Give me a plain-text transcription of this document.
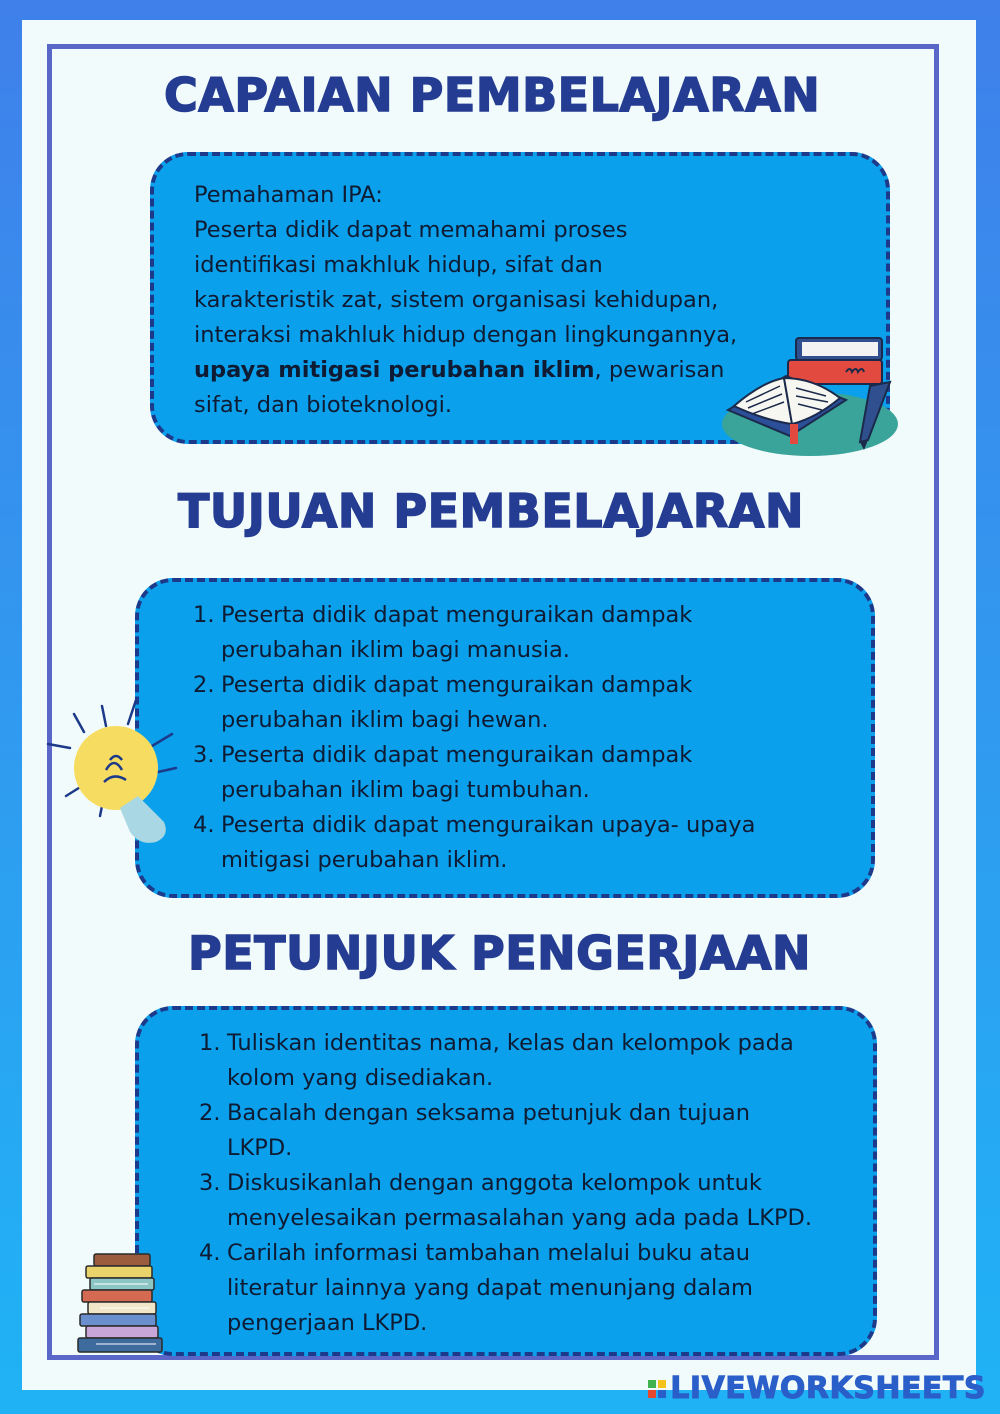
CAPAIAN PEMBELAJARAN
Pemahaman IPA:
Peserta didik dapat memahami proses
identifikasi makhluk hidup, sifat dan
karakteristik zat, sistem organisasi kehidupan,
interaksi makhluk hidup dengan lingkungannya,
upaya mitigasi perubahan iklim, pewarisan
sifat, dan bioteknologi.
TUJUAN PEMBELAJARAN
1. Peserta didik dapat menguraikan dampak
perubahan iklim bagi manusia.
2. Peserta didik dapat menguraikan dampak
perubahan iklim bagi hewan.
3. Peserta didik dapat menguraikan dampak
perubahan iklim bagi tumbuhan.
4. Peserta didik dapat menguraikan upaya- upaya
mitigasi perubahan iklim.
PETUNJUK PENGERJAAN
1. Tuliskan identitas nama, kelas dan kelompok pada
kolom yang disediakan.
2. Bacalah dengan seksama petunjuk dan tujuan
LKPD.
3. Diskusikanlah dengan anggota kelompok untuk
menyelesaikan permasalahan yang ada pada LKPD.
4. Carilah informasi tambahan melalui buku atau
literatur lainnya yang dapat menunjang dalam
pengerjaan LKPD.
LIVEWORKSHEETS
